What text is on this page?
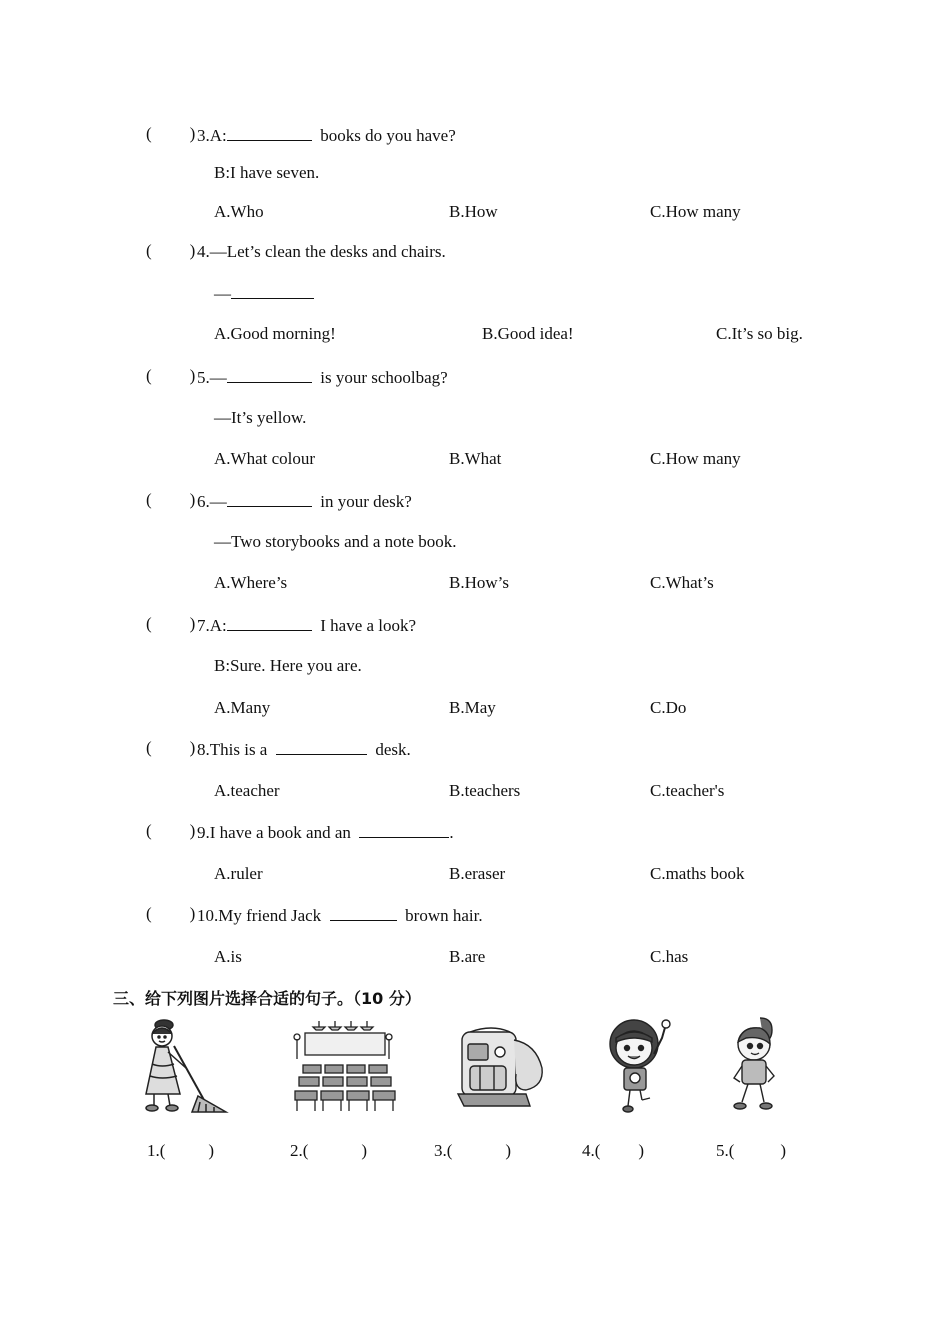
( ) 3.A:	books do you have?
B:I have seven.
A.Who	B.How	C.How many
( ) 4.—Let’s clean the desks and chairs.
—
A.Good morning!	B.Good idea!	C.It’s so big.
( ) 5.—	is your schoolbag?
—It’s yellow.
A.What colour	B.What	C.How many
( ) 6.—	in your desk?
—Two storybooks and a note book.
A.Where’s	B.How’s	C.What’s
( ) 7.A:	I have a look?
B:Sure. Here you are.
A.Many	B.May	C.Do
( ) 8.This is a	desk.
A.teacher	B.teachers	C.teacher's
( ) 9.I have a book and an	.
A.ruler	B.eraser	C.maths book
( ) 10.My friend Jack	brown hair.
A.is	B.are	C.has
三、给下列图片选择合适的句子。（10 分）
1.(	)	2.(	)	3.(	)	4.( )	5.(	)
